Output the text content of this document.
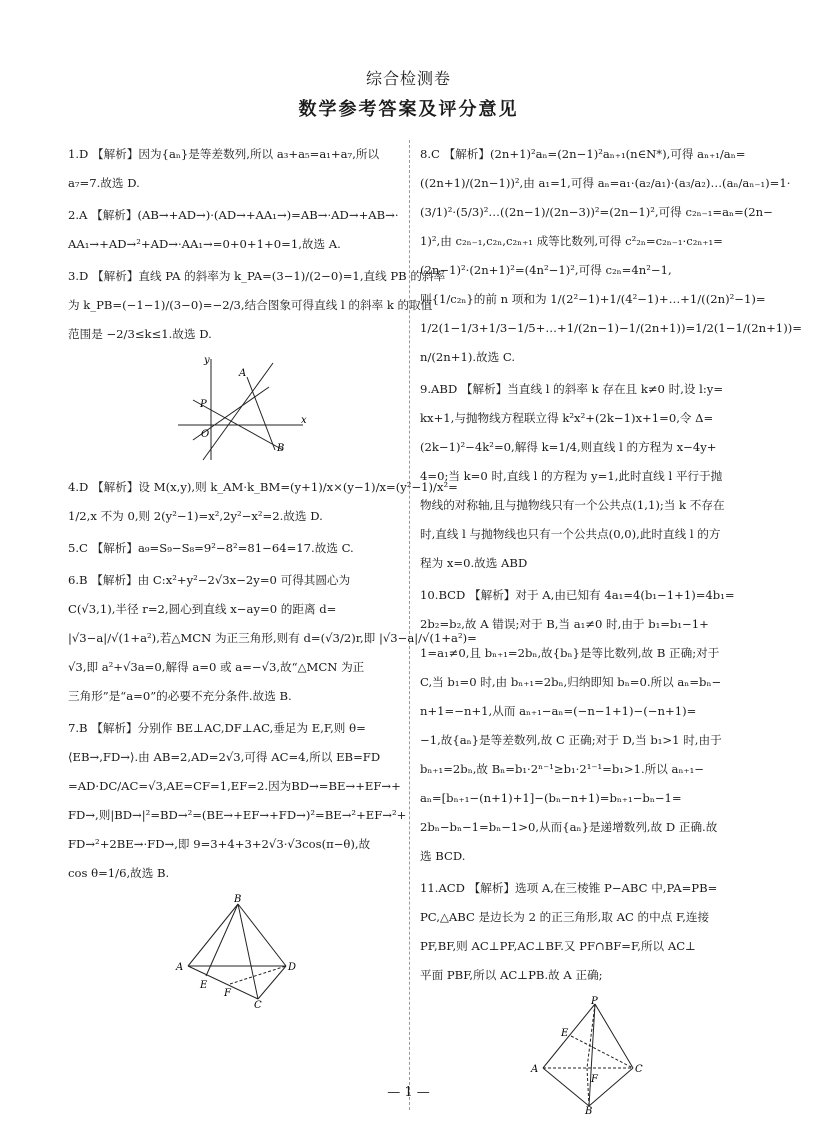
综合检测卷
数学参考答案及评分意见
1.D 【解析】因为{aₙ}是等差数列,所以 a₃+a₅=a₁+a₇,所以
a₇=7.故选 D.
2.A 【解析】(AB→+AD→)·(AD→+AA₁→)=AB→·AD→+AB→·
AA₁→+AD→²+AD→·AA₁→=0+0+1+0=1,故选 A.
3.D 【解析】直线 PA 的斜率为 k_PA=(3−1)/(2−0)=1,直线 PB 的斜率
为 k_PB=(−1−1)/(3−0)=−2/3,结合图象可得直线 l 的斜率 k 的取值
范围是 −2/3≤k≤1.故选 D.
y
x
O
A
P
B
4.D 【解析】设 M(x,y),则 k_AM·k_BM=(y+1)/x×(y−1)/x=(y²−1)/x²=
1/2,x 不为 0,则 2(y²−1)=x²,2y²−x²=2.故选 D.
5.C 【解析】a₉=S₉−S₈=9²−8²=81−64=17.故选 C.
6.B 【解析】由 C:x²+y²−2√3x−2y=0 可得其圆心为
C(√3,1),半径 r=2,圆心到直线 x−ay=0 的距离 d=
|√3−a|/√(1+a²),若△MCN 为正三角形,则有 d=(√3/2)r,即 |√3−a|/√(1+a²)=
√3,即 a²+√3a=0,解得 a=0 或 a=−√3,故“△MCN 为正
三角形”是“a=0”的必要不充分条件.故选 B.
7.B 【解析】分别作 BE⊥AC,DF⊥AC,垂足为 E,F,则 θ=
⟨EB→,FD→⟩.由 AB=2,AD=2√3,可得 AC=4,所以 EB=FD
=AD·DC/AC=√3,AE=CF=1,EF=2.因为BD→=BE→+EF→+
FD→,则|BD→|²=BD→²=(BE→+EF→+FD→)²=BE→²+EF→²+
FD→²+2BE→·FD→,即 9=3+4+3+2√3·√3cos(π−θ),故
cos θ=1/6,故选 B.
B
A	D
E
F
C
8.C 【解析】(2n+1)²aₙ=(2n−1)²aₙ₊₁(n∈N*),可得 aₙ₊₁/aₙ=
((2n+1)/(2n−1))²,由 a₁=1,可得 aₙ=a₁·(a₂/a₁)·(a₃/a₂)…(aₙ/aₙ₋₁)=1·
(3/1)²·(5/3)²…((2n−1)/(2n−3))²=(2n−1)²,可得 c₂ₙ₋₁=aₙ=(2n−
1)²,由 c₂ₙ₋₁,c₂ₙ,c₂ₙ₊₁ 成等比数列,可得 c²₂ₙ=c₂ₙ₋₁·c₂ₙ₊₁=
(2n−1)²·(2n+1)²=(4n²−1)²,可得 c₂ₙ=4n²−1,
则{1/c₂ₙ}的前 n 项和为 1/(2²−1)+1/(4²−1)+…+1/((2n)²−1)=
1/2(1−1/3+1/3−1/5+…+1/(2n−1)−1/(2n+1))=1/2(1−1/(2n+1))=
n/(2n+1).故选 C.
9.ABD 【解析】当直线 l 的斜率 k 存在且 k≠0 时,设 l:y=
kx+1,与抛物线方程联立得 k²x²+(2k−1)x+1=0,令 Δ=
(2k−1)²−4k²=0,解得 k=1/4,则直线 l 的方程为 x−4y+
4=0;当 k=0 时,直线 l 的方程为 y=1,此时直线 l 平行于抛
物线的对称轴,且与抛物线只有一个公共点(1,1);当 k 不存在
时,直线 l 与抛物线也只有一个公共点(0,0),此时直线 l 的方
程为 x=0.故选 ABD
10.BCD 【解析】对于 A,由已知有 4a₁=4(b₁−1+1)=4b₁=
2b₂=b₂,故 A 错误;对于 B,当 a₁≠0 时,由于 b₁=b₁−1+
1=a₁≠0,且 bₙ₊₁=2bₙ,故{bₙ}是等比数列,故 B 正确;对于
C,当 b₁=0 时,由 bₙ₊₁=2bₙ,归纳即知 bₙ=0.所以 aₙ=bₙ−
n+1=−n+1,从而 aₙ₊₁−aₙ=(−n−1+1)−(−n+1)=
−1,故{aₙ}是等差数列,故 C 正确;对于 D,当 b₁>1 时,由于
bₙ₊₁=2bₙ,故 Bₙ=b₁·2ⁿ⁻¹≥b₁·2¹⁻¹=b₁>1.所以 aₙ₊₁−
aₙ=[bₙ₊₁−(n+1)+1]−(bₙ−n+1)=bₙ₊₁−bₙ−1=
2bₙ−bₙ−1=bₙ−1>0,从而{aₙ}是递增数列,故 D 正确.故
选 BCD.
11.ACD 【解析】选项 A,在三棱锥 P−ABC 中,PA=PB=
PC,△ABC 是边长为 2 的正三角形,取 AC 的中点 F,连接
PF,BF,则 AC⊥PF,AC⊥BF.又 PF∩BF=F,所以 AC⊥
平面 PBF,所以 AC⊥PB.故 A 正确;
P
E
A	C
F
B
— 1 —
